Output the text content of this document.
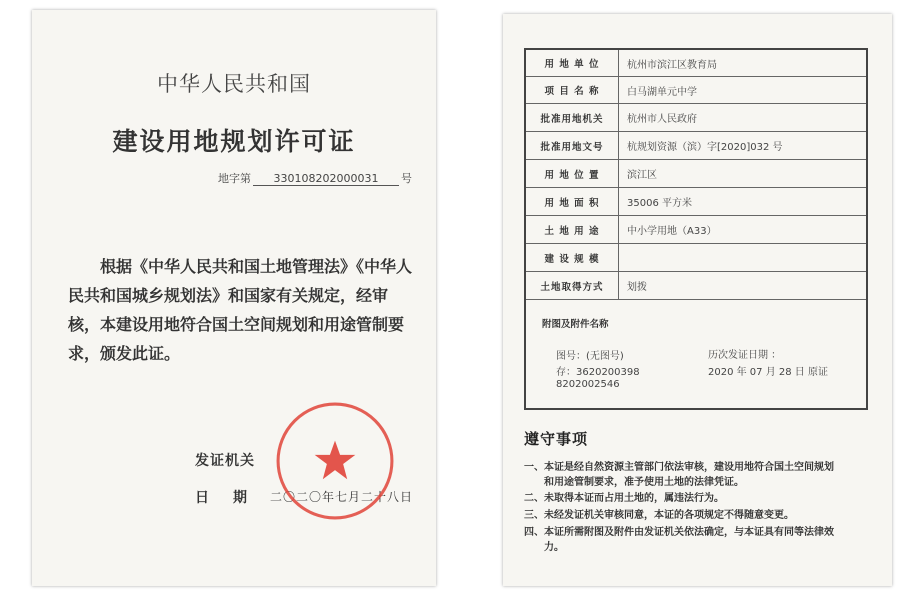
中华人民共和国
建设用地规划许可证
地字第 330108202000031 号
根据《中华人民共和国土地管理法》《中华人民共和国城乡规划法》和国家有关规定，经审核，本建设用地符合国土空间规划和用途管制要求，颁发此证。
发证机关
日 期 二〇二〇年七月二十八日
用 地 单 位	杭州市滨江区教育局
项 目 名 称	白马湖单元中学
批准用地机关	杭州市人民政府
批准用地文号	杭规划资源（滨）字[2020]032 号
用 地 位 置	滨江区
用 地 面 积	35006 平方米
土 地 用 途	中小学用地（A33）
建 设 规 模
土地取得方式	划拨
附图及附件名称
图号：(无图号)
存：3620200398
8202002546
历次发证日期 ：
2020 年 07 月 28 日 原证
遵守事项
一、本证是经自然资源主管部门依法审核，建设用地符合国土空间规划
和用途管制要求，准予使用土地的法律凭证。
二、未取得本证而占用土地的，属违法行为。
三、未经发证机关审核同意，本证的各项规定不得随意变更。
四、本证所需附图及附件由发证机关依法确定，与本证具有同等法律效
力。
